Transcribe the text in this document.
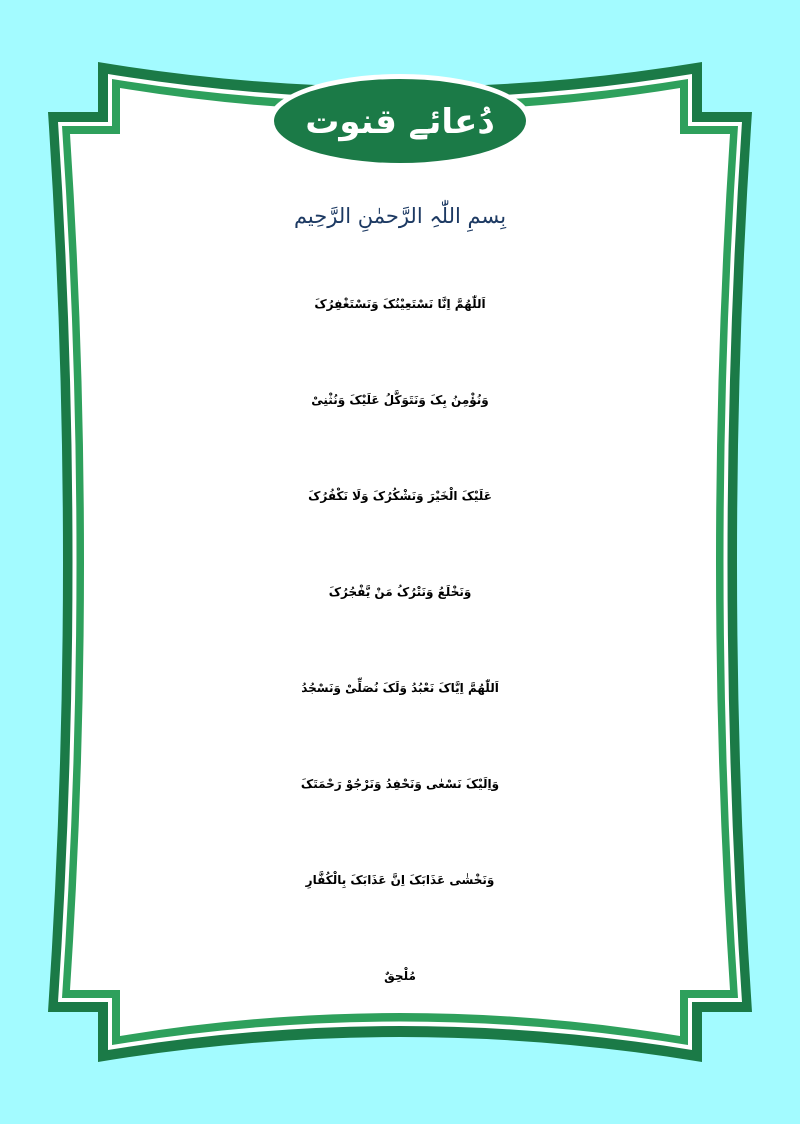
دُعائے قنوت
بِسمِ اللّٰہِ الرَّحمٰنِ الرَّحِیم
اَللّٰھُمَّ اِنَّا نَسْتَعِیْنُکَ وَنَسْتَغْفِرُکَ
وَنُؤْمِنُ بِکَ وَنَتَوَکَّلُ عَلَیْکَ وَنُثْنِیْ
عَلَیْکَ الْخَیْرَ وَنَشْکُرُکَ وَلَا نَکْفُرُکَ
وَنَخْلَعُ وَنَتْرُکُ مَنْ یَّفْجُرُکَ
اَللّٰھُمَّ اِیَّاکَ نَعْبُدُ وَلَکَ نُصَلِّیْ وَنَسْجُدُ
وَاِلَیْکَ نَسْعٰی وَنَحْفِدُ وَنَرْجُوْ رَحْمَتَکَ
وَنَخْشٰی عَذَابَکَ اِنَّ عَذَابَکَ بِالْکُفَّارِ
مُلْحِقٌ
